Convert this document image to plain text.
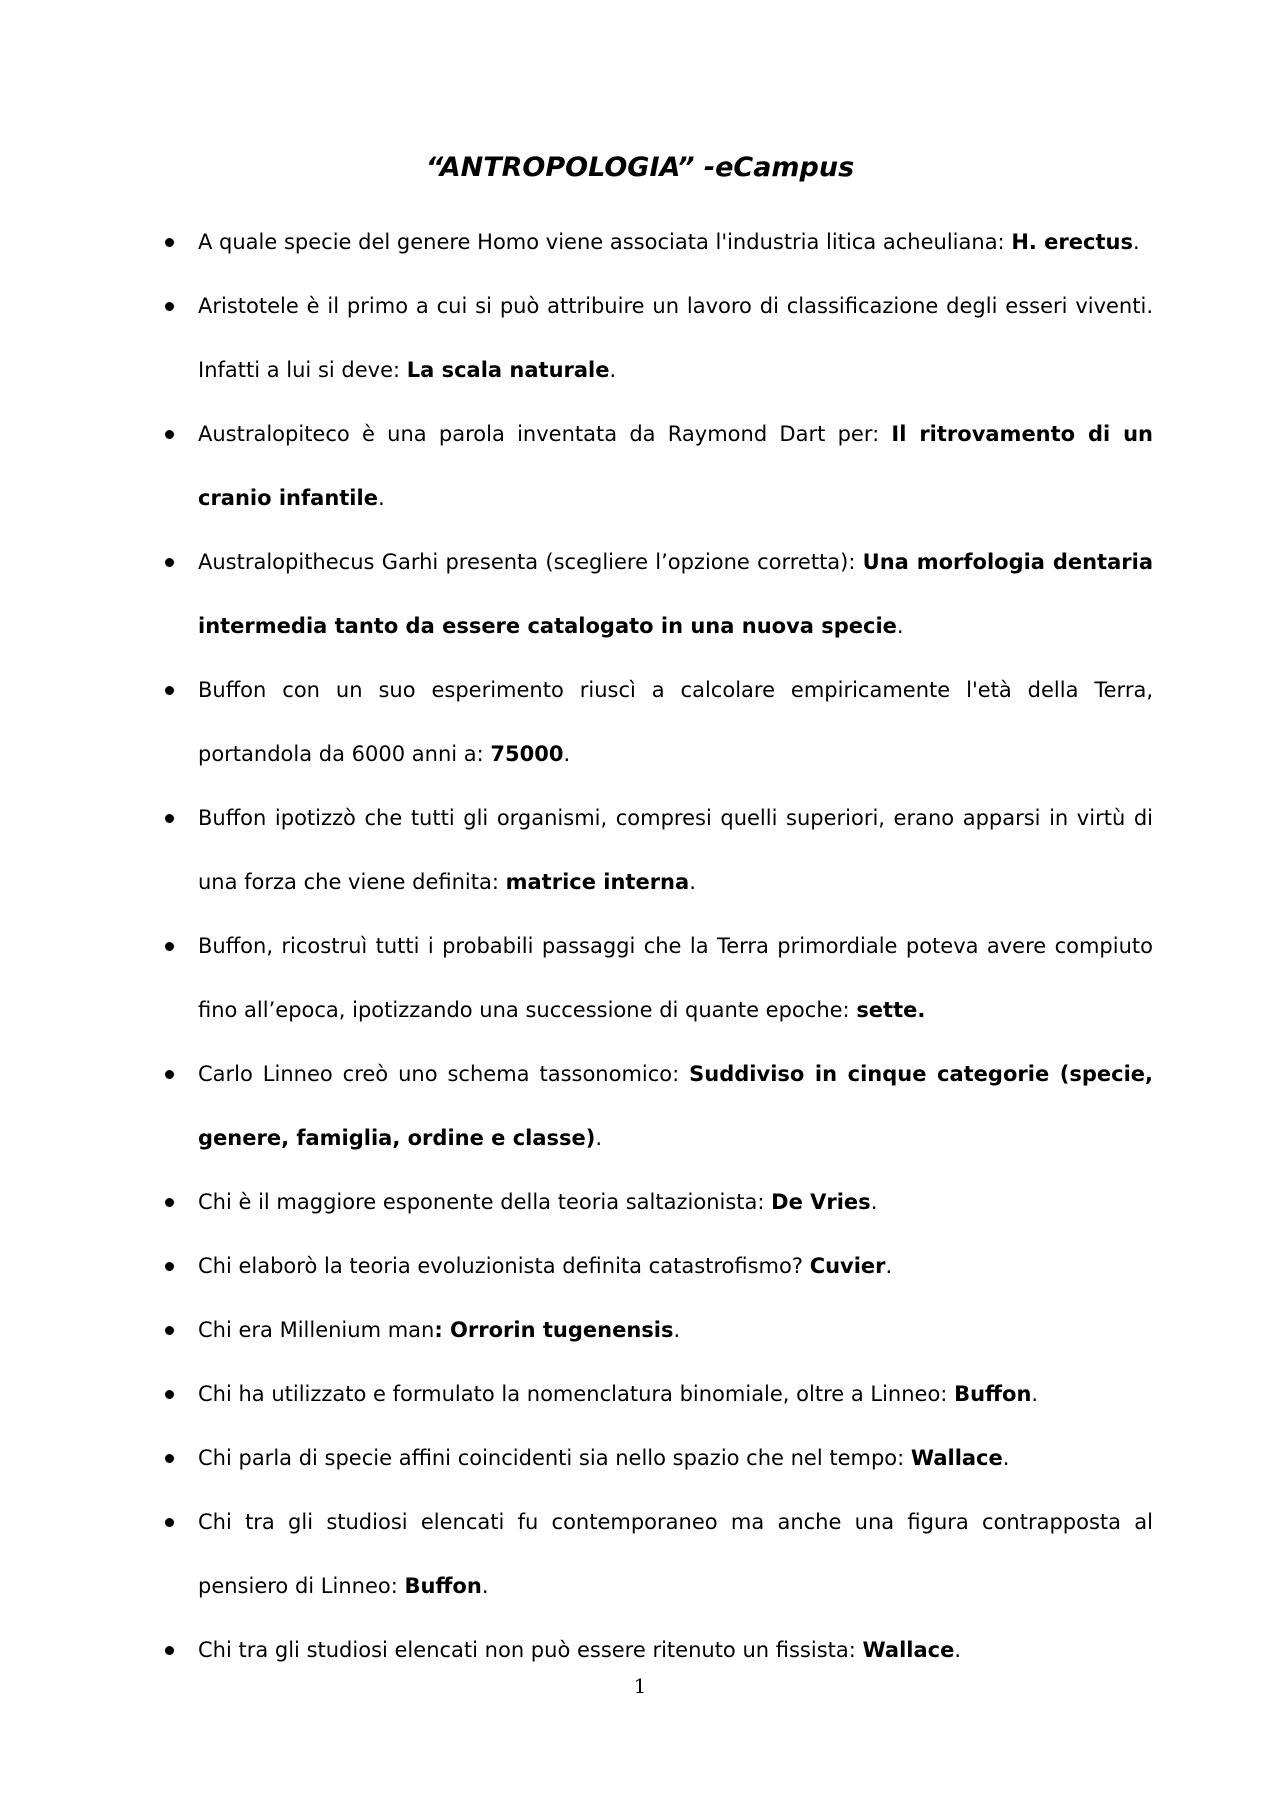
“ANTROPOLOGIA” -eCampus
A quale specie del genere Homo viene associata l'industria litica acheuliana: H. erectus.
Aristotele è il primo a cui si può attribuire un lavoro di classificazione degli esseri viventi. Infatti a lui si deve: La scala naturale.
Australopiteco è una parola inventata da Raymond Dart per: Il ritrovamento di un cranio infantile.
Australopithecus Garhi presenta (scegliere l’opzione corretta): Una morfologia dentaria intermedia tanto da essere catalogato in una nuova specie.
Buffon con un suo esperimento riuscì a calcolare empiricamente l'età della Terra, portandola da 6000 anni a: 75000.
Buffon ipotizzò che tutti gli organismi, compresi quelli superiori, erano apparsi in virtù di una forza che viene definita: matrice interna.
Buffon, ricostruì tutti i probabili passaggi che la Terra primordiale poteva avere compiuto fino all’epoca, ipotizzando una successione di quante epoche: sette.
Carlo Linneo creò uno schema tassonomico: Suddiviso in cinque categorie (specie, genere, famiglia, ordine e classe).
Chi è il maggiore esponente della teoria saltazionista: De Vries.
Chi elaborò la teoria evoluzionista definita catastrofismo? Cuvier.
Chi era Millenium man: Orrorin tugenensis.
Chi ha utilizzato e formulato la nomenclatura binomiale, oltre a Linneo: Buffon.
Chi parla di specie affini coincidenti sia nello spazio che nel tempo: Wallace.
Chi tra gli studiosi elencati fu contemporaneo ma anche una figura contrapposta al pensiero di Linneo: Buffon.
Chi tra gli studiosi elencati non può essere ritenuto un fissista: Wallace.
1
